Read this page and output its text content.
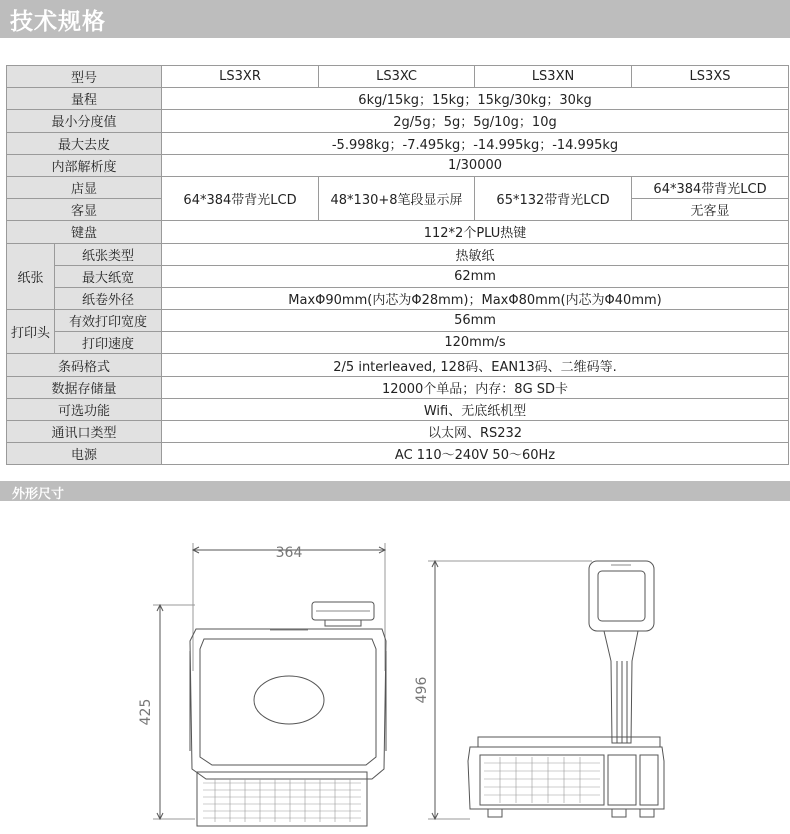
技术规格
型号		LS3XR	LS3XC	LS3XN	LS3XS
量程		6kg/15kg；15kg；15kg/30kg；30kg			
最小分度值		2g/5g；5g；5g/10g；10g			
最大去皮		-5.998kg；-7.495kg；-14.995kg；-14.995kg			
内部解析度		1/30000			
店显		64*384带背光LCD	48*130+8笔段显示屏	65*132带背光LCD	64*384带背光LCD
客显					无客显
键盘		112*2个PLU热键			
纸张	纸张类型	热敏纸			
	最大纸宽	62mm			
	纸卷外径	MaxΦ90mm(内芯为Φ28mm)；MaxΦ80mm(内芯为Φ40mm)			
打印头	有效打印宽度	56mm			
	打印速度	120mm/s			
条码格式		2/5 interleaved, 128码、EAN13码、二维码等.			
数据存储量		12000个单品；内存：8G SD卡			
可选功能		Wifi、无底纸机型			
通讯口类型		以太网、RS232			
电源		AC 110～240V 50～60Hz			
外形尺寸
364
425
496
